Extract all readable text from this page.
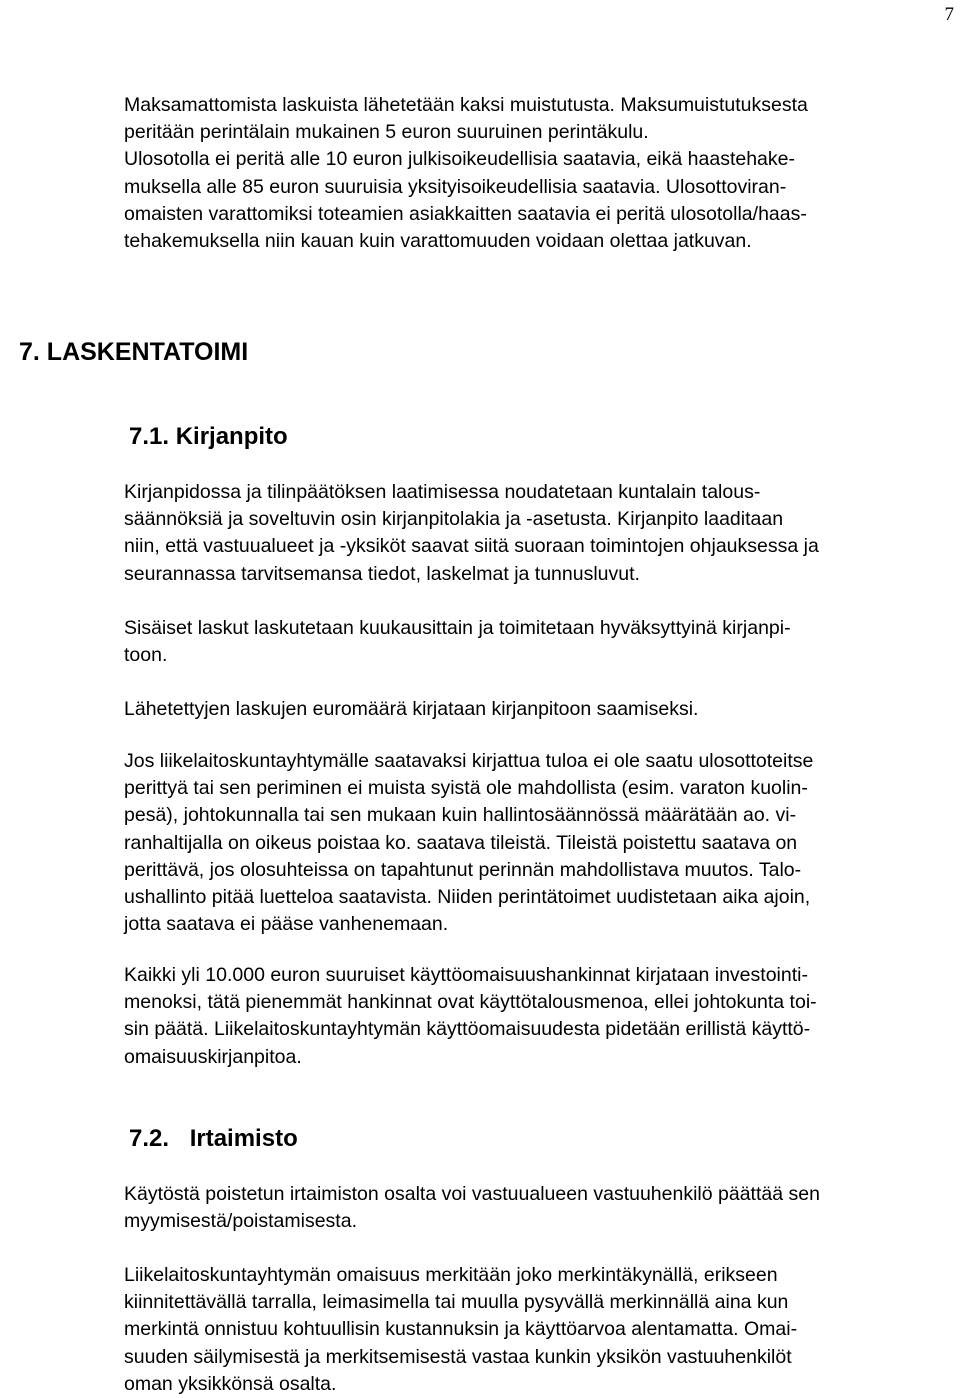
7
Maksamattomista laskuista lähetetään kaksi muistutusta. Maksumuistutuksesta
peritään perintälain mukainen 5 euron suuruinen perintäkulu.
Ulosotolla ei peritä alle 10 euron julkisoikeudellisia saatavia, eikä haastehake-
muksella alle 85 euron suuruisia yksityisoikeudellisia saatavia. Ulosottoviran-
omaisten varattomiksi toteamien asiakkaitten saatavia ei peritä ulosotolla/haas-
tehakemuksella niin kauan kuin varattomuuden voidaan olettaa jatkuvan.
7. LASKENTATOIMI
7.1. Kirjanpito
Kirjanpidossa ja tilinpäätöksen laatimisessa noudatetaan kuntalain talous-
säännöksiä ja soveltuvin osin kirjanpitolakia ja -asetusta. Kirjanpito laaditaan
niin, että vastuualueet ja -yksiköt saavat siitä suoraan toimintojen ohjauksessa ja
seurannassa tarvitsemansa tiedot, laskelmat ja tunnusluvut.
Sisäiset laskut laskutetaan kuukausittain ja toimitetaan hyväksyttyinä kirjanpi-
toon.
Lähetettyjen laskujen euromäärä kirjataan kirjanpitoon saamiseksi.
Jos liikelaitoskuntayhtymälle saatavaksi kirjattua tuloa ei ole saatu ulosottoteitse
perittyä tai sen periminen ei muista syistä ole mahdollista (esim. varaton kuolin-
pesä), johtokunnalla tai sen mukaan kuin hallintosäännössä määrätään ao. vi-
ranhaltijalla on oikeus poistaa ko. saatava tileistä. Tileistä poistettu saatava on
perittävä, jos olosuhteissa on tapahtunut perinnän mahdollistava muutos. Talo-
ushallinto pitää luetteloa saatavista. Niiden perintätoimet uudistetaan aika ajoin,
jotta saatava ei pääse vanhenemaan.
Kaikki yli 10.000 euron suuruiset käyttöomaisuushankinnat kirjataan investointi-
menoksi, tätä pienemmät hankinnat ovat käyttötalousmenoa, ellei johtokunta toi-
sin päätä. Liikelaitoskuntayhtymän käyttöomaisuudesta pidetään erillistä käyttö-
omaisuuskirjanpitoa.
7.2. Irtaimisto
Käytöstä poistetun irtaimiston osalta voi vastuualueen vastuuhenkilö päättää sen
myymisestä/poistamisesta.
Liikelaitoskuntayhtymän omaisuus merkitään joko merkintäkynällä, erikseen
kiinnitettävällä tarralla, leimasimella tai muulla pysyvällä merkinnällä aina kun
merkintä onnistuu kohtuullisin kustannuksin ja käyttöarvoa alentamatta. Omai-
suuden säilymisestä ja merkitsemisestä vastaa kunkin yksikön vastuuhenkilöt
oman yksikkönsä osalta.
